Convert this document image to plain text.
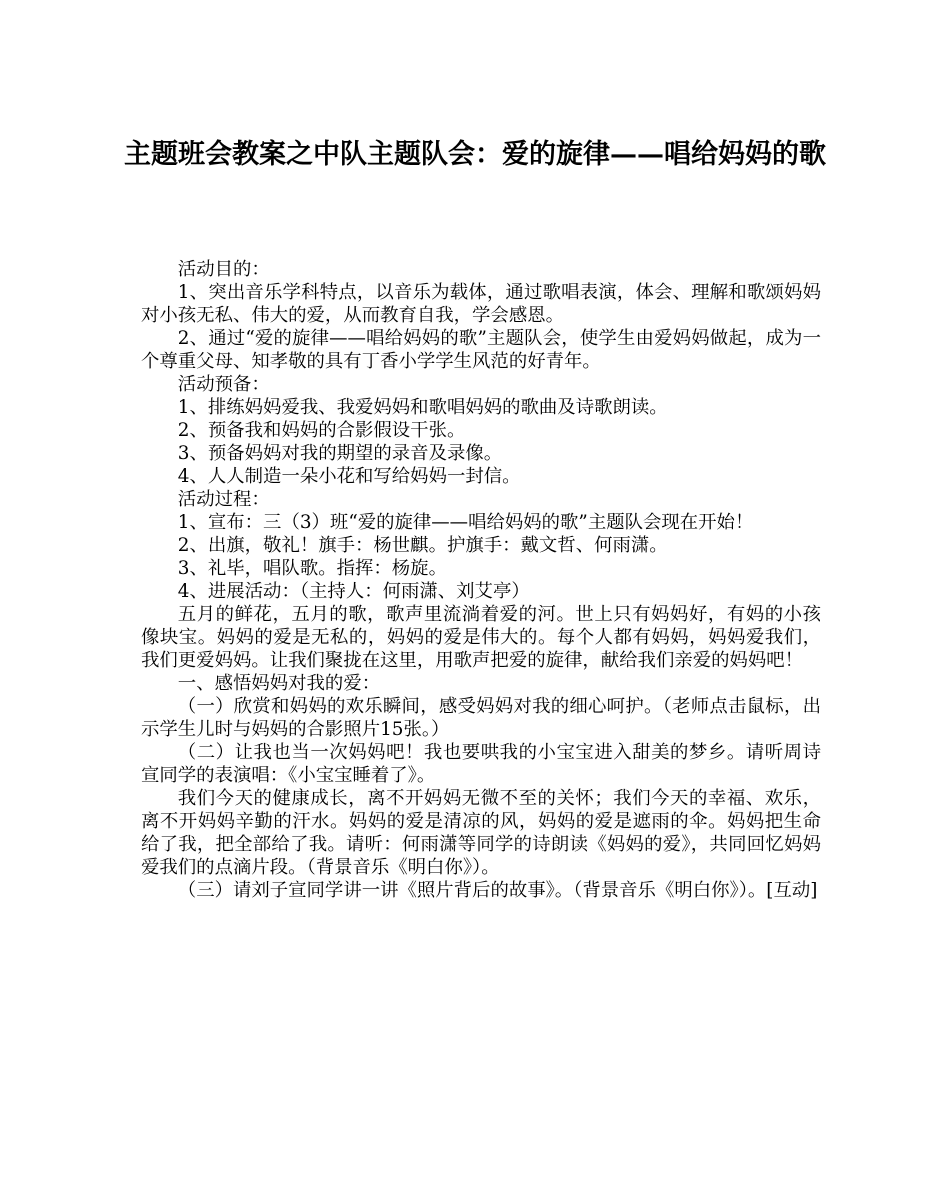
主题班会教案之中队主题队会：爱的旋律——唱给妈妈的歌

活动目的：

1、突出音乐学科特点，以音乐为载体，通过歌唱表演，体会、理解和歌颂妈妈对小孩无私、伟大的爱，从而教育自我，学会感恩。

2、通过“爱的旋律——唱给妈妈的歌”主题队会，使学生由爱妈妈做起，成为一个尊重父母、知孝敬的具有丁香小学学生风范的好青年。

活动预备：

1、排练妈妈爱我、我爱妈妈和歌唱妈妈的歌曲及诗歌朗读。

2、预备我和妈妈的合影假设干张。

3、预备妈妈对我的期望的录音及录像。

4、人人制造一朵小花和写给妈妈一封信。

活动过程：

1、宣布：三（3）班“爱的旋律——唱给妈妈的歌”主题队会现在开始！

2、出旗，敬礼！旗手：杨世麒。护旗手：戴文哲、何雨潇。

3、礼毕，唱队歌。指挥：杨旋。

4、进展活动：（主持人：何雨潇、刘艾亭）

五月的鲜花，五月的歌，歌声里流淌着爱的河。世上只有妈妈好，有妈的小孩像块宝。妈妈的爱是无私的，妈妈的爱是伟大的。每个人都有妈妈，妈妈爱我们，我们更爱妈妈。让我们聚拢在这里，用歌声把爱的旋律，献给我们亲爱的妈妈吧！

一、感悟妈妈对我的爱：

（一）欣赏和妈妈的欢乐瞬间，感受妈妈对我的细心呵护。（老师点击鼠标，出示学生儿时与妈妈的合影照片15张。）

（二）让我也当一次妈妈吧！我也要哄我的小宝宝进入甜美的梦乡。请听周诗宣同学的表演唱：《小宝宝睡着了》。

我们今天的健康成长，离不开妈妈无微不至的关怀；我们今天的幸福、欢乐，离不开妈妈辛勤的汗水。妈妈的爱是清凉的风，妈妈的爱是遮雨的伞。妈妈把生命给了我，把全部给了我。请听：何雨潇等同学的诗朗读《妈妈的爱》，共同回忆妈妈爱我们的点滴片段。（背景音乐《明白你》）。

（三）请刘子宣同学讲一讲《照片背后的故事》。（背景音乐《明白你》）。[互动]
